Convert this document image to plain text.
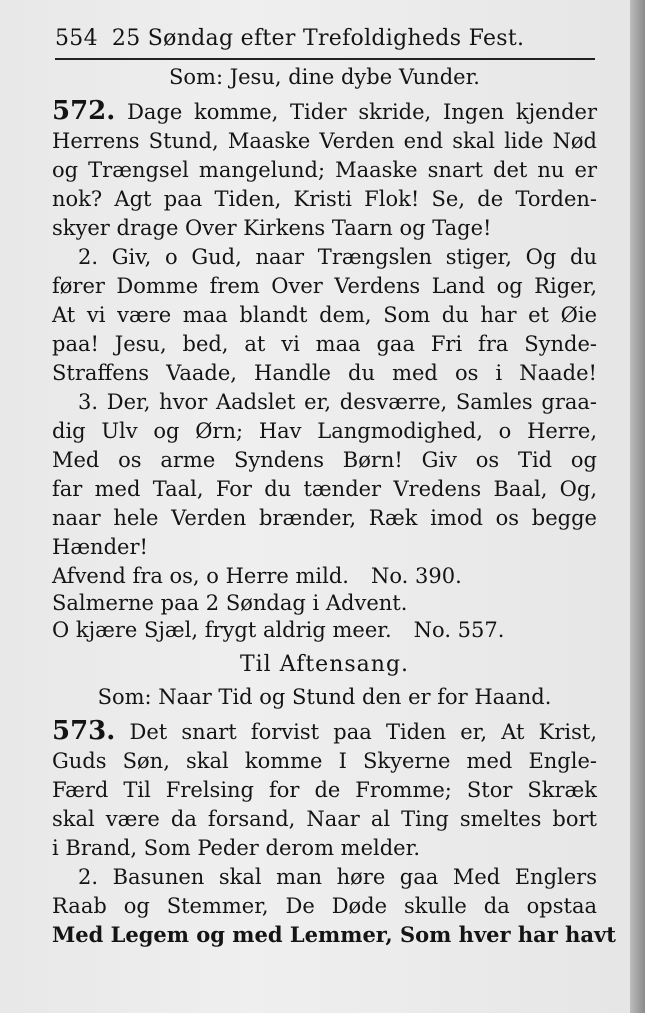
554 25 Søndag efter Trefoldigheds Fest.
Som: Jesu, dine dybe Vunder.
572. Dage komme, Tider skride, Ingen kjender
Herrens Stund, Maaske Verden end skal lide Nød
og Trængsel mangelund; Maaske snart det nu er
nok? Agt paa Tiden, Kristi Flok! Se, de Torden-
skyer drage Over Kirkens Taarn og Tage!
2. Giv, o Gud, naar Trængslen stiger, Og du
fører Domme frem Over Verdens Land og Riger,
At vi være maa blandt dem, Som du har et Øie
paa! Jesu, bed, at vi maa gaa Fri fra Synde-
Straffens Vaade, Handle du med os i Naade!
3. Der, hvor Aadslet er, desværre, Samles graa-
dig Ulv og Ørn; Hav Langmodighed, o Herre,
Med os arme Syndens Børn! Giv os Tid og
far med Taal, For du tænder Vredens Baal, Og,
naar hele Verden brænder, Ræk imod os begge
Hænder!
Afvend fra os, o Herre mild. No. 390.
Salmerne paa 2 Søndag i Advent.
O kjære Sjæl, frygt aldrig meer. No. 557.
Til Aftensang.
Som: Naar Tid og Stund den er for Haand.
573. Det snart forvist paa Tiden er, At Krist,
Guds Søn, skal komme I Skyerne med Engle-
Færd Til Frelsing for de Fromme; Stor Skræk
skal være da forsand, Naar al Ting smeltes bort
i Brand, Som Peder derom melder.
2. Basunen skal man høre gaa Med Englers
Raab og Stemmer, De Døde skulle da opstaa
Med Legem og med Lemmer, Som hver har havt
